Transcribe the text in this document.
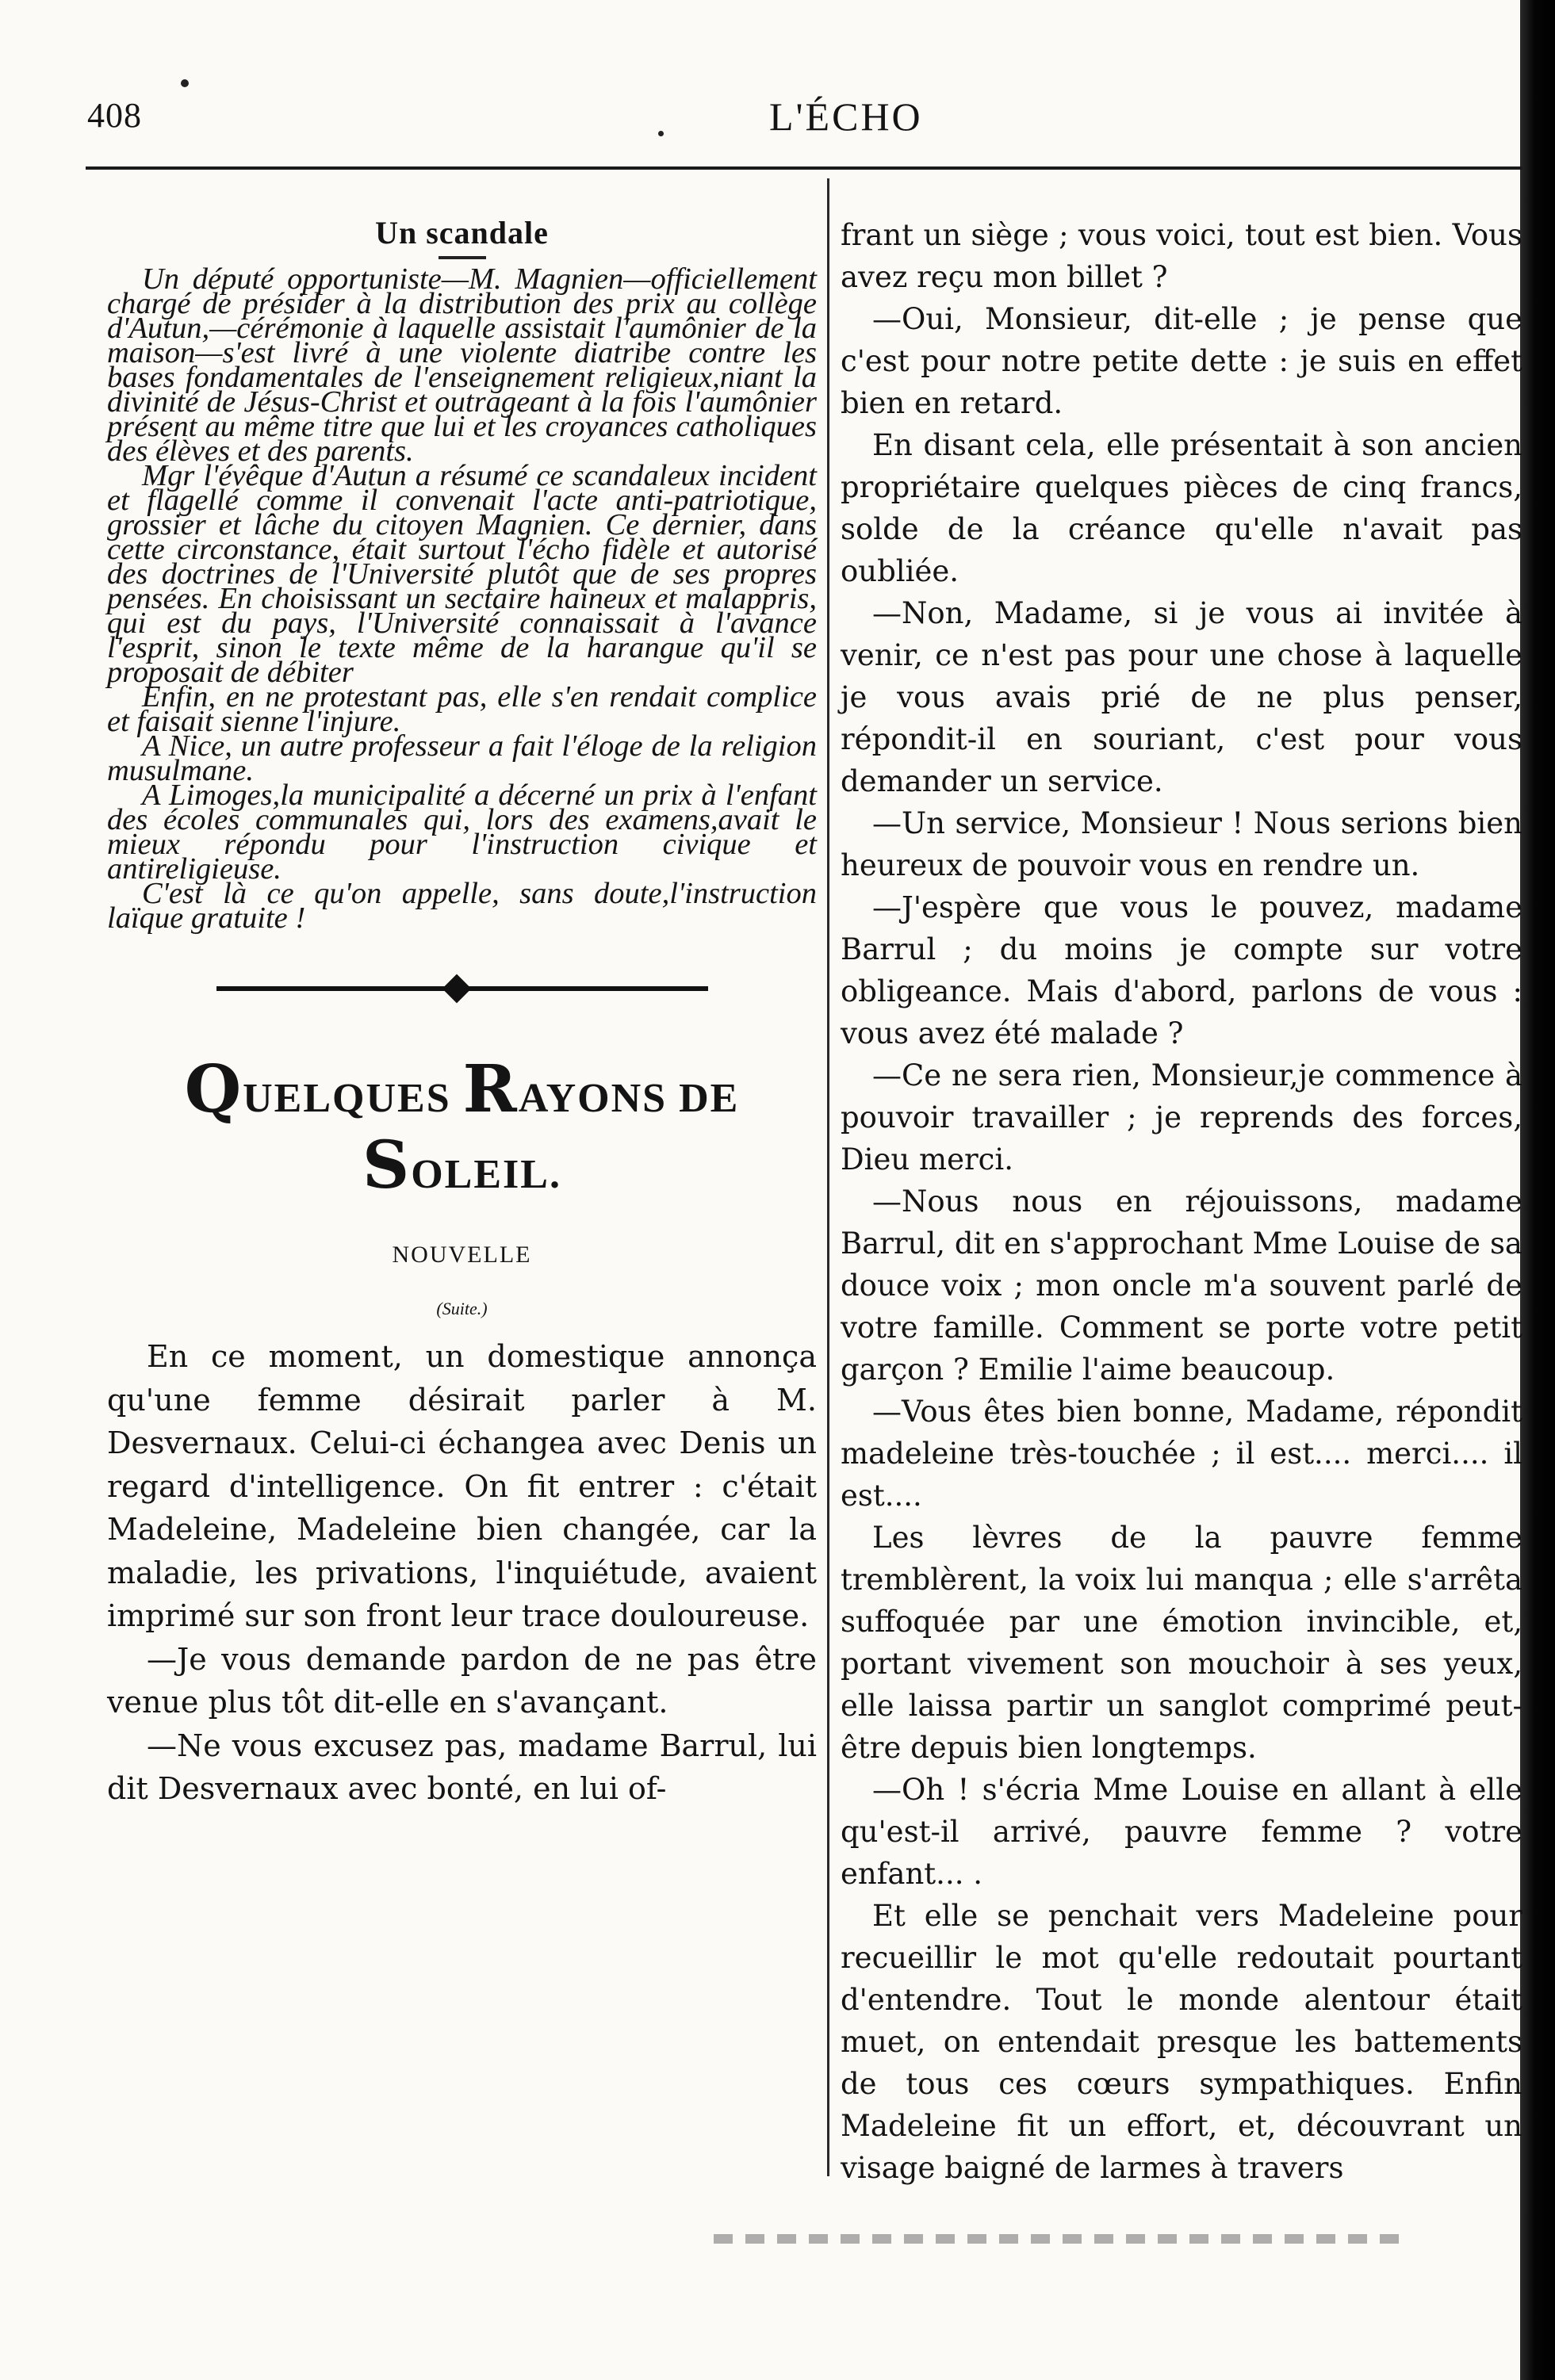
408	L'ÉCHO
Un scandale

Un député opportuniste—M. Magnien—officiellement chargé de présider à la distribution des prix au collège d'Autun,—cérémonie à laquelle assistait l'aumônier de la maison—s'est livré à une violente diatribe contre les bases fondamentales de l'enseignement religieux,niant la divinité de Jésus-Christ et outrageant à la fois l'aumônier présent au même titre que lui et les croyances catholiques des élèves et des parents.

Mgr l'évêque d'Autun a résumé ce scandaleux incident et flagellé comme il convenait l'acte anti-patriotique, grossier et lâche du citoyen Magnien. Ce dernier, dans cette circonstance, était surtout l'écho fidèle et autorisé des doctrines de l'Université plutôt que de ses propres pensées. En choisissant un sectaire haineux et malappris, qui est du pays, l'Université connaissait à l'avance l'esprit, sinon le texte même de la harangue qu'il se proposait de débiter

Enfin, en ne protestant pas, elle s'en rendait complice et faisait sienne l'injure.

A Nice, un autre professeur a fait l'éloge de la religion musulmane.

A Limoges,la municipalité a décerné un prix à l'enfant des écoles communales qui, lors des examens,avait le mieux répondu pour l'instruction civique et antireligieuse.

C'est là ce qu'on appelle, sans doute,l'instruction laïque gratuite !

QUELQUES RAYONS DE SOLEIL.
NOUVELLE
(Suite.)

En ce moment, un domestique annonça qu'une femme désirait parler à M. Desvernaux. Celui-ci échangea avec Denis un regard d'intelligence. On fit entrer : c'était Madeleine, Madeleine bien changée, car la maladie, les privations, l'inquiétude, avaient imprimé sur son front leur trace douloureuse.

—Je vous demande pardon de ne pas être venue plus tôt dit-elle en s'avançant.

—Ne vous excusez pas, madame Barrul, lui dit Desvernaux avec bonté, en lui of-

frant un siège ; vous voici, tout est bien. Vous avez reçu mon billet ?

—Oui, Monsieur, dit-elle ; je pense que c'est pour notre petite dette : je suis en effet bien en retard.

En disant cela, elle présentait à son ancien propriétaire quelques pièces de cinq francs, solde de la créance qu'elle n'avait pas oubliée.

—Non, Madame, si je vous ai invitée à venir, ce n'est pas pour une chose à laquelle je vous avais prié de ne plus penser, répondit-il en souriant, c'est pour vous demander un service.

—Un service, Monsieur ! Nous serions bien heureux de pouvoir vous en rendre un.

—J'espère que vous le pouvez, madame Barrul ; du moins je compte sur votre obligeance. Mais d'abord, parlons de vous : vous avez été malade ?

—Ce ne sera rien, Monsieur,je commence à pouvoir travailler ; je reprends des forces, Dieu merci.

—Nous nous en réjouissons, madame Barrul, dit en s'approchant Mme Louise de sa douce voix ; mon oncle m'a souvent parlé de votre famille. Comment se porte votre petit garçon ? Emilie l'aime beaucoup.

—Vous êtes bien bonne, Madame, répondit madeleine très-touchée ; il est.... merci.... il est....

Les lèvres de la pauvre femme tremblèrent, la voix lui manqua ; elle s'arrêta suffoquée par une émotion invincible, et, portant vivement son mouchoir à ses yeux, elle laissa partir un sanglot comprimé peut-être depuis bien longtemps.

—Oh ! s'écria Mme Louise en allant à elle qu'est-il arrivé, pauvre femme ? votre enfant... .

Et elle se penchait vers Madeleine pour recueillir le mot qu'elle redoutait pourtant d'entendre. Tout le monde alentour était muet, on entendait presque les battements de tous ces cœurs sympathiques. Enfin Madeleine fit un effort, et, découvrant un visage baigné de larmes à travers
